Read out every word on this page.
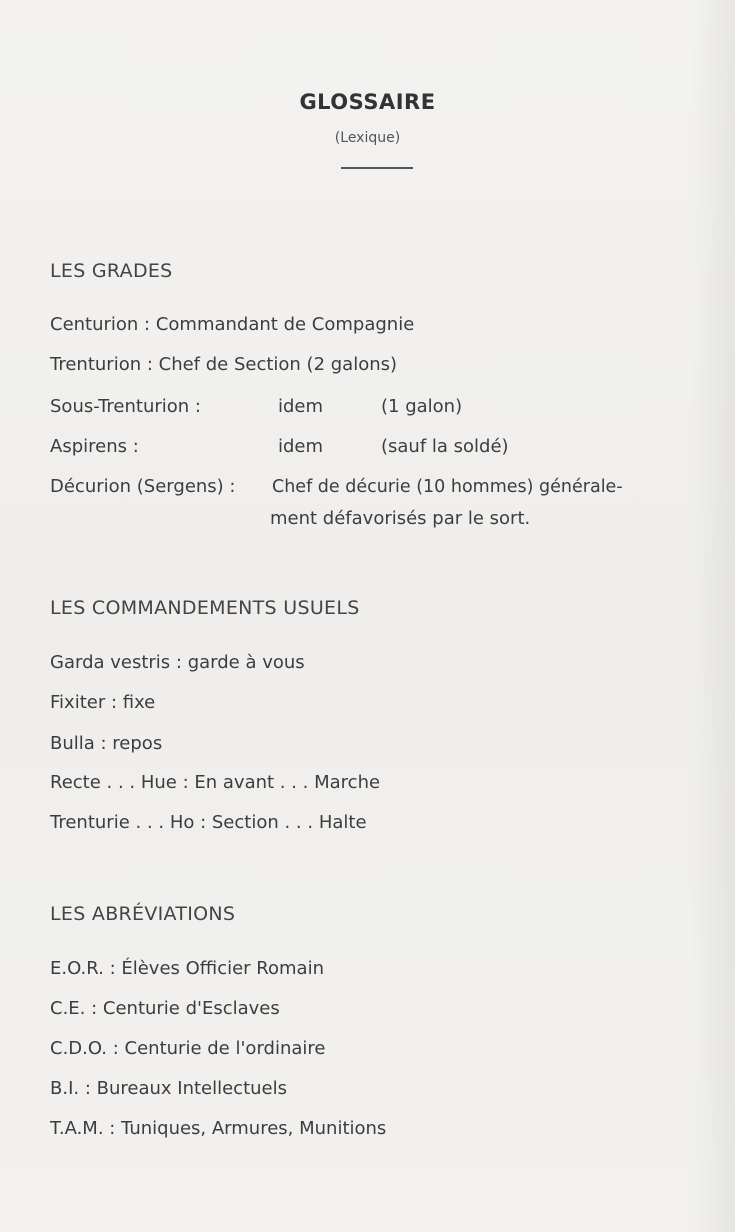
GLOSSAIRE
(Lexique)
LES GRADES
Centurion : Commandant de Compagnie
Trenturion : Chef de Section (2 galons)
Sous-Trenturion :	idem	(1 galon)
Aspirens :	idem	(sauf la soldé)
Décurion (Sergens) : Chef de décurie (10 hommes) générale-
ment défavorisés par le sort.
LES COMMANDEMENTS USUELS
Garda vestris : garde à vous
Fixiter : fixe
Bulla : repos
Recte . . . Hue : En avant . . . Marche
Trenturie . . . Ho : Section . . . Halte
LES ABRÉVIATIONS
E.O.R. : Élèves Officier Romain
C.E. : Centurie d'Esclaves
C.D.O. : Centurie de l'ordinaire
B.I. : Bureaux Intellectuels
T.A.M. : Tuniques, Armures, Munitions
